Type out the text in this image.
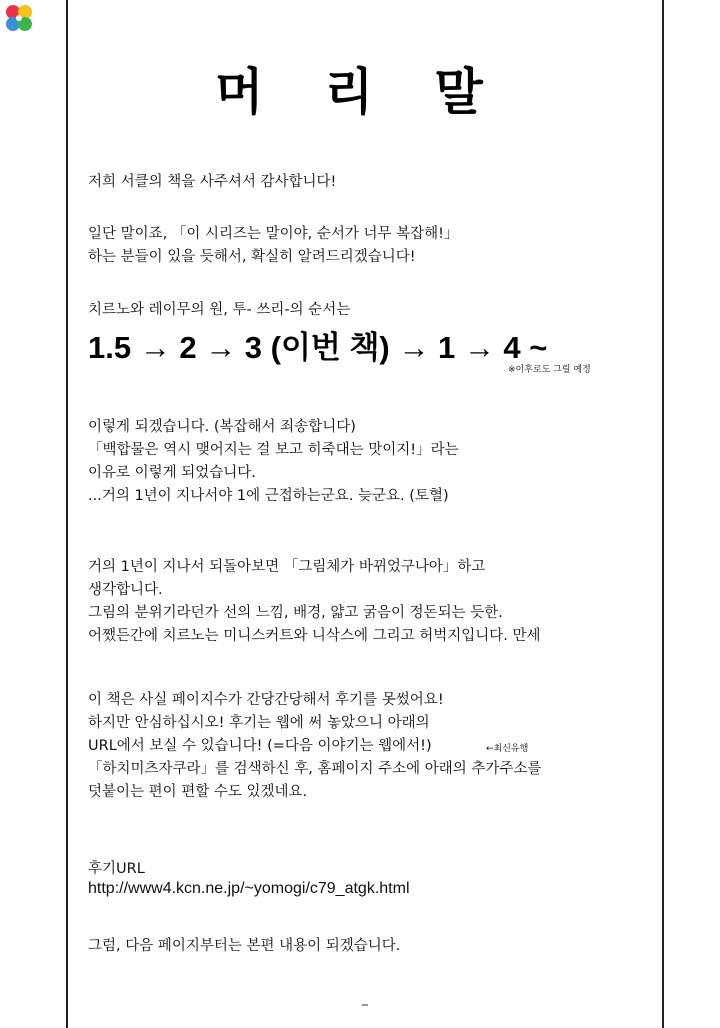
머 리 말
저희 서클의 책을 사주셔서 감사합니다!
일단 말이죠, 「이 시리즈는 말이야, 순서가 너무 복잡해!」
하는 분들이 있을 듯해서, 확실히 알려드리겠습니다!
치르노와 레이무의 원, 투- 쓰리-의 순서는
1.5 → 2 → 3 (이번 책) → 1 → 4 ~
※이후로도 그릴 예정
이렇게 되겠습니다. (복잡해서 죄송합니다)
「백합물은 역시 맺어지는 걸 보고 히죽대는 맛이지!」라는
이유로 이렇게 되었습니다.
...거의 1년이 지나서야 1에 근접하는군요. 늦군요. (토혈)
거의 1년이 지나서 되돌아보면 「그림체가 바뀌었구나아」하고
생각합니다.
그림의 분위기라던가 선의 느낌, 배경, 얇고 굵음이 정돈되는 듯한.
어쨌든간에 치르노는 미니스커트와 니삭스에 그리고 허벅지입니다. 만세
이 책은 사실 페이지수가 간당간당해서 후기를 못썼어요!
하지만 안심하십시오! 후기는 웹에 써 놓았으니 아래의
URL에서 보실 수 있습니다! (=다음 이야기는 웹에서!)	←최신유행
「하치미츠자쿠라」를 검색하신 후, 홈페이지 주소에 아래의 추가주소를
덧붙이는 편이 편할 수도 있겠네요.
후기URL
http://www4.kcn.ne.jp/~yomogi/c79_atgk.html
그럼, 다음 페이지부터는 본편 내용이 되겠습니다.
